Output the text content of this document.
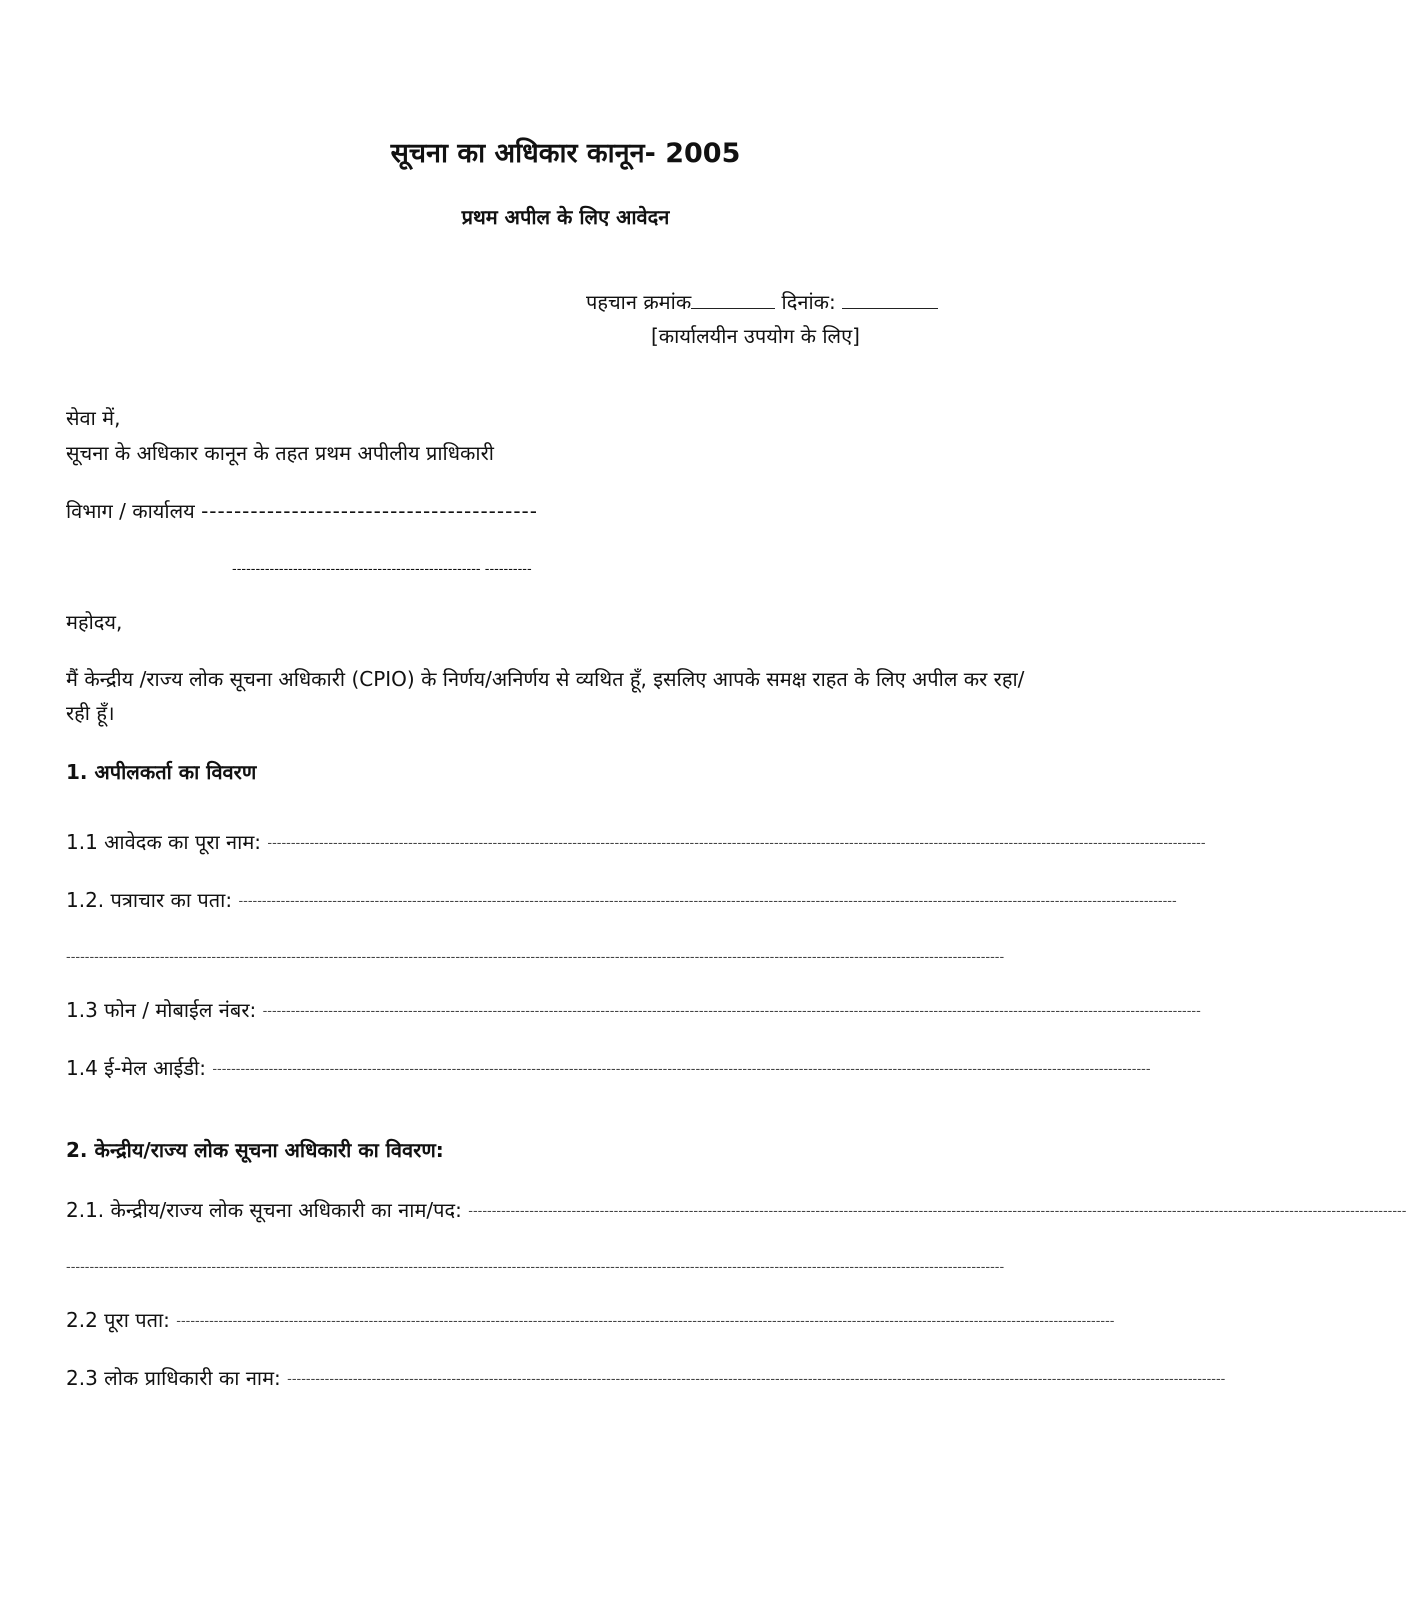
सूचना का अधिकार कानून- 2005
प्रथम अपील के लिए आवेदन
पहचान क्रमांक	दिनांक:
[कार्यालयीन उपयोग के लिए]
सेवा में,
सूचना के अधिकार कानून के तहत प्रथम अपीलीय प्राधिकारी
विभाग / कार्यालय -----------------------------------------
----------------------------------------------------- ----------
महोदय,
मैं केन्द्रीय /राज्य लोक सूचना अधिकारी (CPIO) के निर्णय/अनिर्णय से व्यथित हूँ, इसलिए आपके समक्ष राहत के लिए अपील कर रहा/रही हूँ।
1. अपीलकर्ता का विवरण
1.1 आवेदक का पूरा नाम: --------------------------------------------------------------------------------------------------------------------------------------------------------------------------------------------------------
1.2. पत्राचार का पता: --------------------------------------------------------------------------------------------------------------------------------------------------------------------------------------------------------
--------------------------------------------------------------------------------------------------------------------------------------------------------------------------------------------------------
1.3 फोन / मोबाईल नंबर: --------------------------------------------------------------------------------------------------------------------------------------------------------------------------------------------------------
1.4 ई-मेल आईडी: --------------------------------------------------------------------------------------------------------------------------------------------------------------------------------------------------------
2. केन्द्रीय/राज्य लोक सूचना अधिकारी का विवरण:
2.1. केन्द्रीय/राज्य लोक सूचना अधिकारी का नाम/पद: --------------------------------------------------------------------------------------------------------------------------------------------------------------------------------------------------------
--------------------------------------------------------------------------------------------------------------------------------------------------------------------------------------------------------
2.2 पूरा पता: --------------------------------------------------------------------------------------------------------------------------------------------------------------------------------------------------------
2.3 लोक प्राधिकारी का नाम: --------------------------------------------------------------------------------------------------------------------------------------------------------------------------------------------------------
